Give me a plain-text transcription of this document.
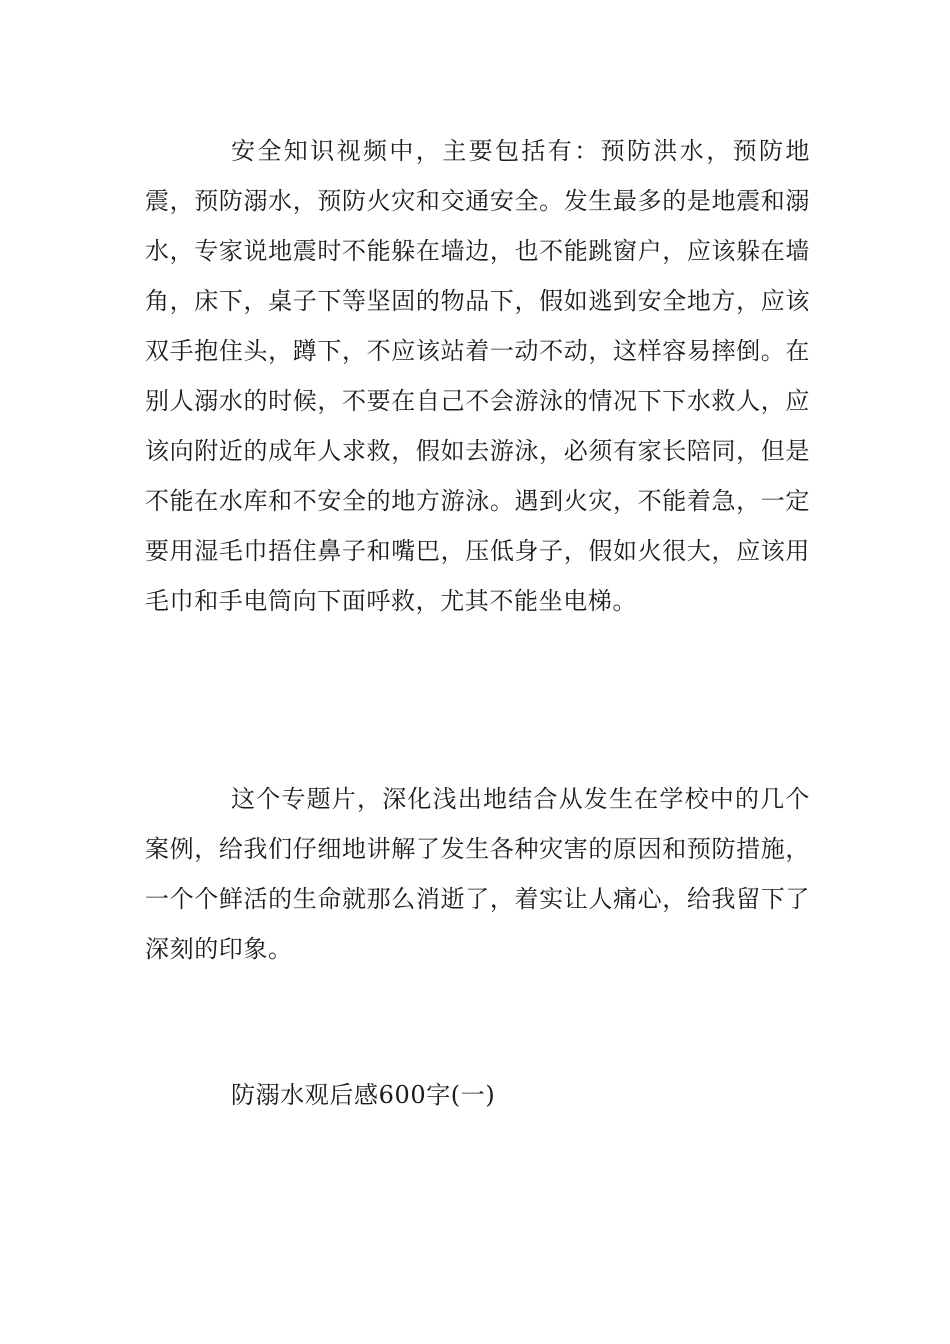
安全知识视频中，主要包括有：预防洪水，预防地震，预防溺水，预防火灾和交通安全。发生最多的是地震和溺水，专家说地震时不能躲在墙边，也不能跳窗户，应该躲在墙角，床下，桌子下等坚固的物品下，假如逃到安全地方，应该双手抱住头，蹲下，不应该站着一动不动，这样容易摔倒。在别人溺水的时候，不要在自己不会游泳的情况下下水救人，应该向附近的成年人求救，假如去游泳，必须有家长陪同，但是不能在水库和不安全的地方游泳。遇到火灾，不能着急，一定要用湿毛巾捂住鼻子和嘴巴，压低身子，假如火很大，应该用毛巾和手电筒向下面呼救，尤其不能坐电梯。

这个专题片，深化浅出地结合从发生在学校中的几个案例，给我们仔细地讲解了发生各种灾害的原因和预防措施，一个个鲜活的生命就那么消逝了，着实让人痛心，给我留下了深刻的印象。

防溺水观后感600字(一)
